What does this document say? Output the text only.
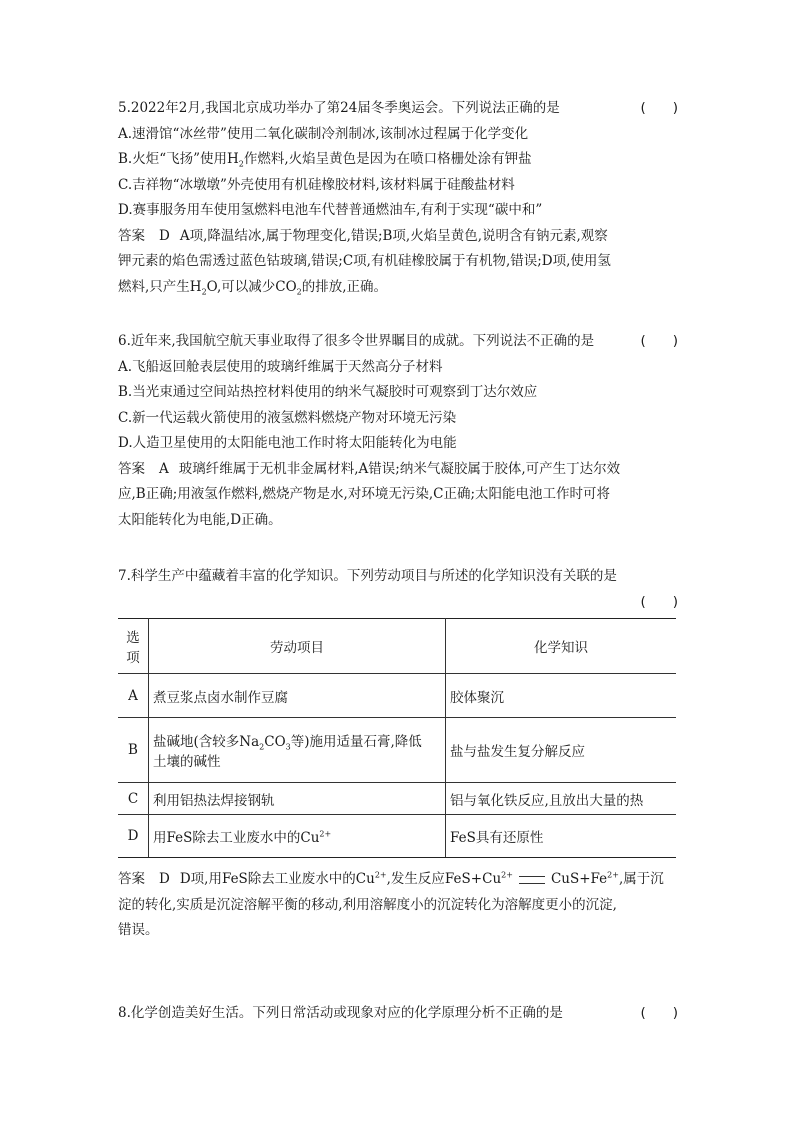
5.2022年2月,我国北京成功举办了第24届冬季奥运会。下列说法正确的是	(　　)
A.速滑馆“冰丝带”使用二氧化碳制冷剂制冰,该制冰过程属于化学变化
B.火炬“飞扬”使用$H_2$作燃料,火焰呈黄色是因为在喷口格栅处涂有钾盐
C.吉祥物“冰墩墩”外壳使用有机硅橡胶材料,该材料属于硅酸盐材料
D.赛事服务用车使用氢燃料电池车代替普通燃油车,有利于实现“碳中和”
答案 D A项,降温结冰,属于物理变化,错误;B项,火焰呈黄色,说明含有钠元素,观察
钾元素的焰色需透过蓝色钴玻璃,错误;C项,有机硅橡胶属于有机物,错误;D项,使用氢
燃料,只产生$H_2O$,可以减少$CO_2$的排放,正确。
6.近年来,我国航空航天事业取得了很多令世界瞩目的成就。下列说法不正确的是	(　　)
A.飞船返回舱表层使用的玻璃纤维属于天然高分子材料
B.当光束通过空间站热控材料使用的纳米气凝胶时可观察到丁达尔效应
C.新一代运载火箭使用的液氢燃料燃烧产物对环境无污染
D.人造卫星使用的太阳能电池工作时将太阳能转化为电能
答案 A 玻璃纤维属于无机非金属材料,A错误;纳米气凝胶属于胶体,可产生丁达尔效
应,B正确;用液氢作燃料,燃烧产物是水,对环境无污染,C正确;太阳能电池工作时可将
太阳能转化为电能,D正确。
7.科学生产中蕴藏着丰富的化学知识。下列劳动项目与所述的化学知识没有关联的是
(　　)
选
项	劳动项目	化学知识
A	煮豆浆点卤水制作豆腐	胶体聚沉
B	盐碱地(含较多$Na_2CO_3$等)施用适量石膏,降低
土壤的碱性	盐与盐发生复分解反应
C	利用铝热法焊接钢轨	铝与氧化铁反应,且放出大量的热
D	用FeS除去工业废水中的$Cu^{2+}$	FeS具有还原性
答案 D D项,用FeS除去工业废水中的$Cu^{2+}$,发生反应$FeS+Cu^{2+}$	$CuS+Fe^{2+}$,属于沉
淀的转化,实质是沉淀溶解平衡的移动,利用溶解度小的沉淀转化为溶解度更小的沉淀,
错误。
8.化学创造美好生活。下列日常活动或现象对应的化学原理分析不正确的是	(　　)
